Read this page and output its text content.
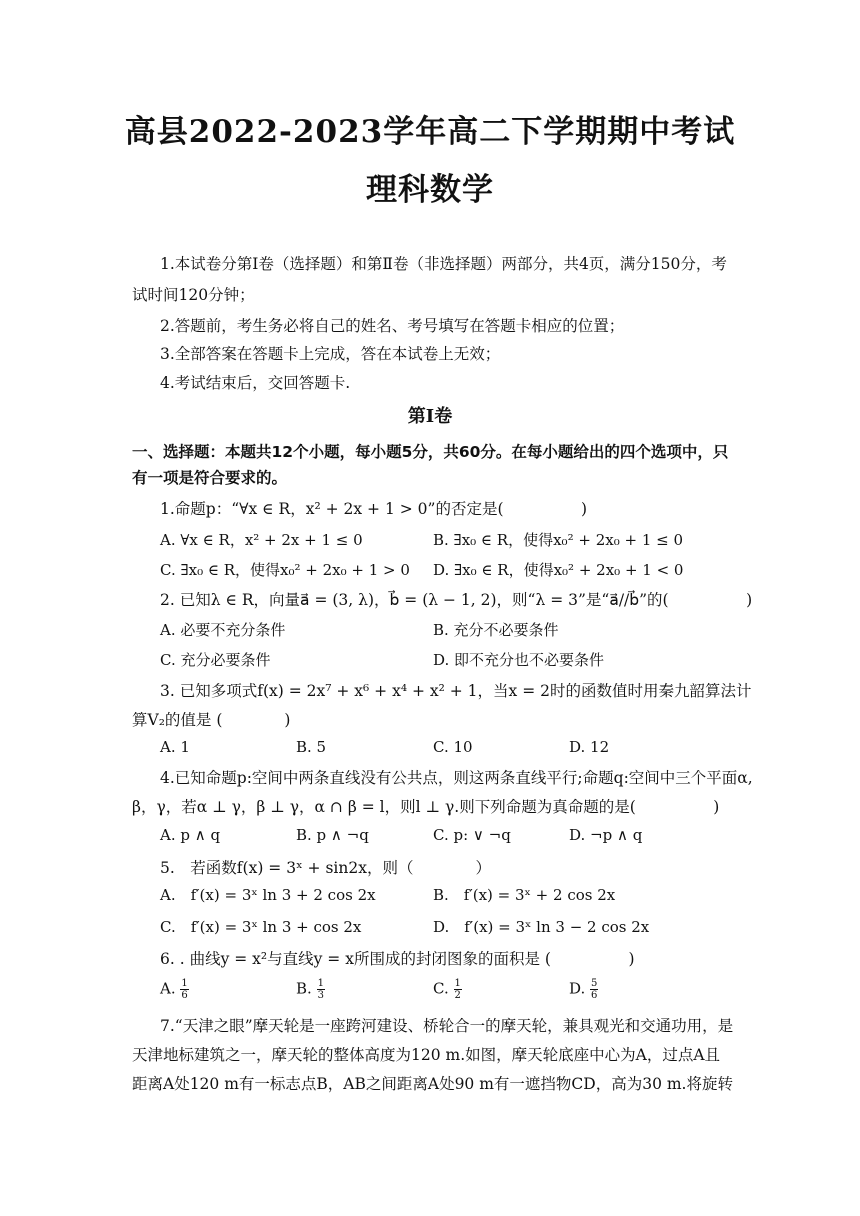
高县2022-2023学年高二下学期期中考试
理科数学
1.本试卷分第Ⅰ卷（选择题）和第Ⅱ卷（非选择题）两部分，共4页，满分150分，考
试时间120分钟；
2.答题前，考生务必将自己的姓名、考号填写在答题卡相应的位置；
3.全部答案在答题卡上完成，答在本试卷上无效；
4.考试结束后，交回答题卡.
第Ⅰ卷
一、选择题：本题共12个小题，每小题5分，共60分。在每小题给出的四个选项中，只
有一项是符合要求的。
1.命题p：“∀x ∈ R，x² + 2x + 1 > 0”的否定是(　　　　　)
A. ∀x ∈ R，x² + 2x + 1 ≤ 0	B. ∃x₀ ∈ R，使得x₀² + 2x₀ + 1 ≤ 0
C. ∃x₀ ∈ R，使得x₀² + 2x₀ + 1 > 0 D. ∃x₀ ∈ R，使得x₀² + 2x₀ + 1 < 0
2. 已知λ ∈ R，向量a⃗ = (3, λ)，b⃗ = (λ − 1, 2)，则“λ = 3”是“a⃗//b⃗”的(　　　　　)
A. 必要不充分条件	B. 充分不必要条件
C. 充分必要条件	D. 即不充分也不必要条件
3. 已知多项式f(x) = 2x⁷ + x⁶ + x⁴ + x² + 1，当x = 2时的函数值时用秦九韶算法计
算V₂的值是 (　　　　)
A. 1	B. 5	C. 10	D. 12
4.已知命题p:空间中两条直线没有公共点，则这两条直线平行;命题q:空间中三个平面α,
β，γ，若α ⊥ γ，β ⊥ γ，α ∩ β = l，则l ⊥ γ.则下列命题为真命题的是(　　　　　)
A. p ∧ q	B. p ∧ ¬q	C. p: ∨ ¬q	D. ¬p ∧ q
5.　若函数f(x) = 3ˣ + sin2x，则（　　　　）
A.　f′(x) = 3ˣ ln 3 + 2 cos 2x	B.　f′(x) = 3ˣ + 2 cos 2x
C.　f′(x) = 3ˣ ln 3 + cos 2x	D.　f′(x) = 3ˣ ln 3 − 2 cos 2x
6. . 曲线y = x²与直线y = x所围成的封闭图象的面积是 (　　　　　)
A. $\frac{1}{6}$	B. $\frac{1}{3}$	C. $\frac{1}{2}$	D. $\frac{5}{6}$
7.“天津之眼”摩天轮是一座跨河建设、桥轮合一的摩天轮，兼具观光和交通功用，是
天津地标建筑之一，摩天轮的整体高度为120 m.如图，摩天轮底座中心为A，过点A且
距离A处120 m有一标志点B，AB之间距离A处90 m有一遮挡物CD，高为30 m.将旋转
